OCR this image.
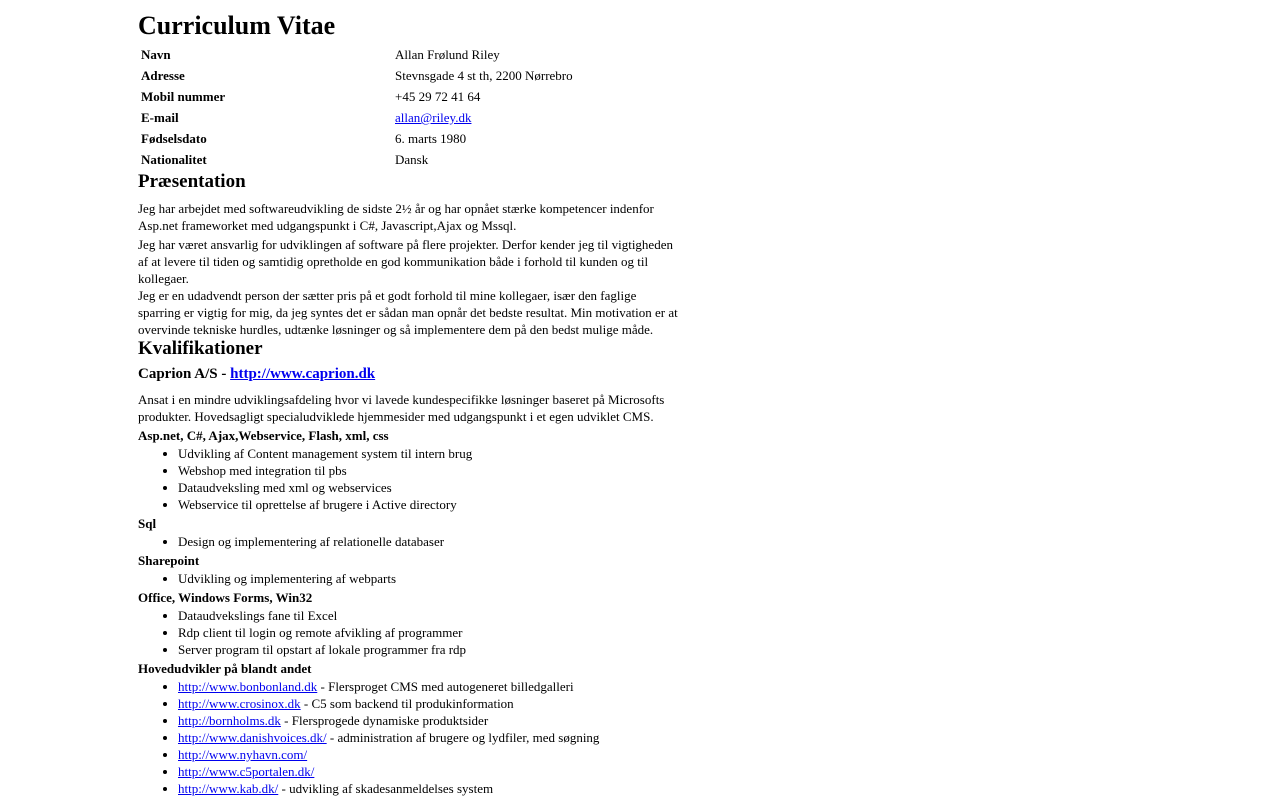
Curriculum Vitae
Navn	Allan Frølund Riley
Adresse	Stevnsgade 4 st th, 2200 Nørrebro
Mobil nummer	+45 29 72 41 64
E-mail	allan@riley.dk
Fødselsdato	6. marts 1980
Nationalitet	Dansk
Præsentation

Jeg har arbejdet med softwareudvikling de sidste 2½ år og har opnået stærke kompetencer indenfor Asp.net frameworket med udgangspunkt i C#, Javascript,Ajax og Mssql.

Jeg har været ansvarlig for udviklingen af software på flere projekter. Derfor kender jeg til vigtigheden af at levere til tiden og samtidig opretholde en god kommunikation både i forhold til kunden og til kollegaer.

Jeg er en udadvendt person der sætter pris på et godt forhold til mine kollegaer, især den faglige sparring er vigtig for mig, da jeg syntes det er sådan man opnår det bedste resultat. Min motivation er at overvinde tekniske hurdles, udtænke løsninger og så implementere dem på den bedst mulige måde.

Kvalifikationer
Caprion A/S - http://www.caprion.dk

Ansat i en mindre udviklingsafdeling hvor vi lavede kundespecifikke løsninger baseret på Microsofts produkter. Hovedsagligt specialudviklede hjemmesider med udgangspunkt i et egen udviklet CMS.

Asp.net, C#, Ajax,Webservice, Flash, xml, css
• Udvikling af Content management system til intern brug
• Webshop med integration til pbs
• Dataudveksling med xml og webservices
• Webservice til oprettelse af brugere i Active directory
Sql
• Design og implementering af relationelle databaser
Sharepoint
• Udvikling og implementering af webparts
Office, Windows Forms, Win32
• Dataudvekslings fane til Excel
• Rdp client til login og remote afvikling af programmer
• Server program til opstart af lokale programmer fra rdp
Hovedudvikler på blandt andet
• http://www.bonbonland.dk - Flersproget CMS med autogeneret billedgalleri
• http://www.crosinox.dk - C5 som backend til produkinformation
• http://bornholms.dk - Flersprogede dynamiske produktsider
• http://www.danishvoices.dk/ - administration af brugere og lydfiler, med søgning
• http://www.nyhavn.com/
• http://www.c5portalen.dk/
• http://www.kab.dk/ - udvikling af skadesanmeldelses system
